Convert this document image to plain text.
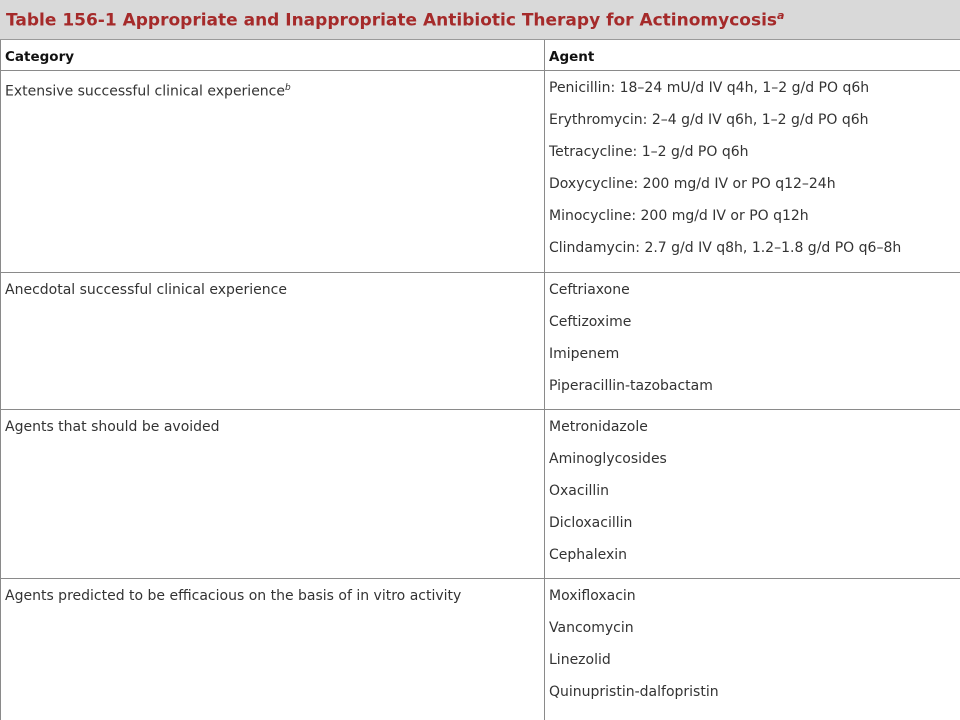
Table 156-1 Appropriate and Inappropriate Antibiotic Therapy for Actinomycosis$^a$
Category	Agent
Extensive successful clinical experience$^b$	Penicillin: 18–24 mU/d IV q4h, 1–2 g/d PO q6h
Erythromycin: 2–4 g/d IV q6h, 1–2 g/d PO q6h
Tetracycline: 1–2 g/d PO q6h
Doxycycline: 200 mg/d IV or PO q12–24h
Minocycline: 200 mg/d IV or PO q12h
Clindamycin: 2.7 g/d IV q8h, 1.2–1.8 g/d PO q6–8h
Anecdotal successful clinical experience	Ceftriaxone
Ceftizoxime
Imipenem
Piperacillin-tazobactam
Agents that should be avoided	Metronidazole
Aminoglycosides
Oxacillin
Dicloxacillin
Cephalexin
Agents predicted to be efficacious on the basis of in vitro activity	Moxifloxacin
Vancomycin
Linezolid
Quinupristin-dalfopristin
